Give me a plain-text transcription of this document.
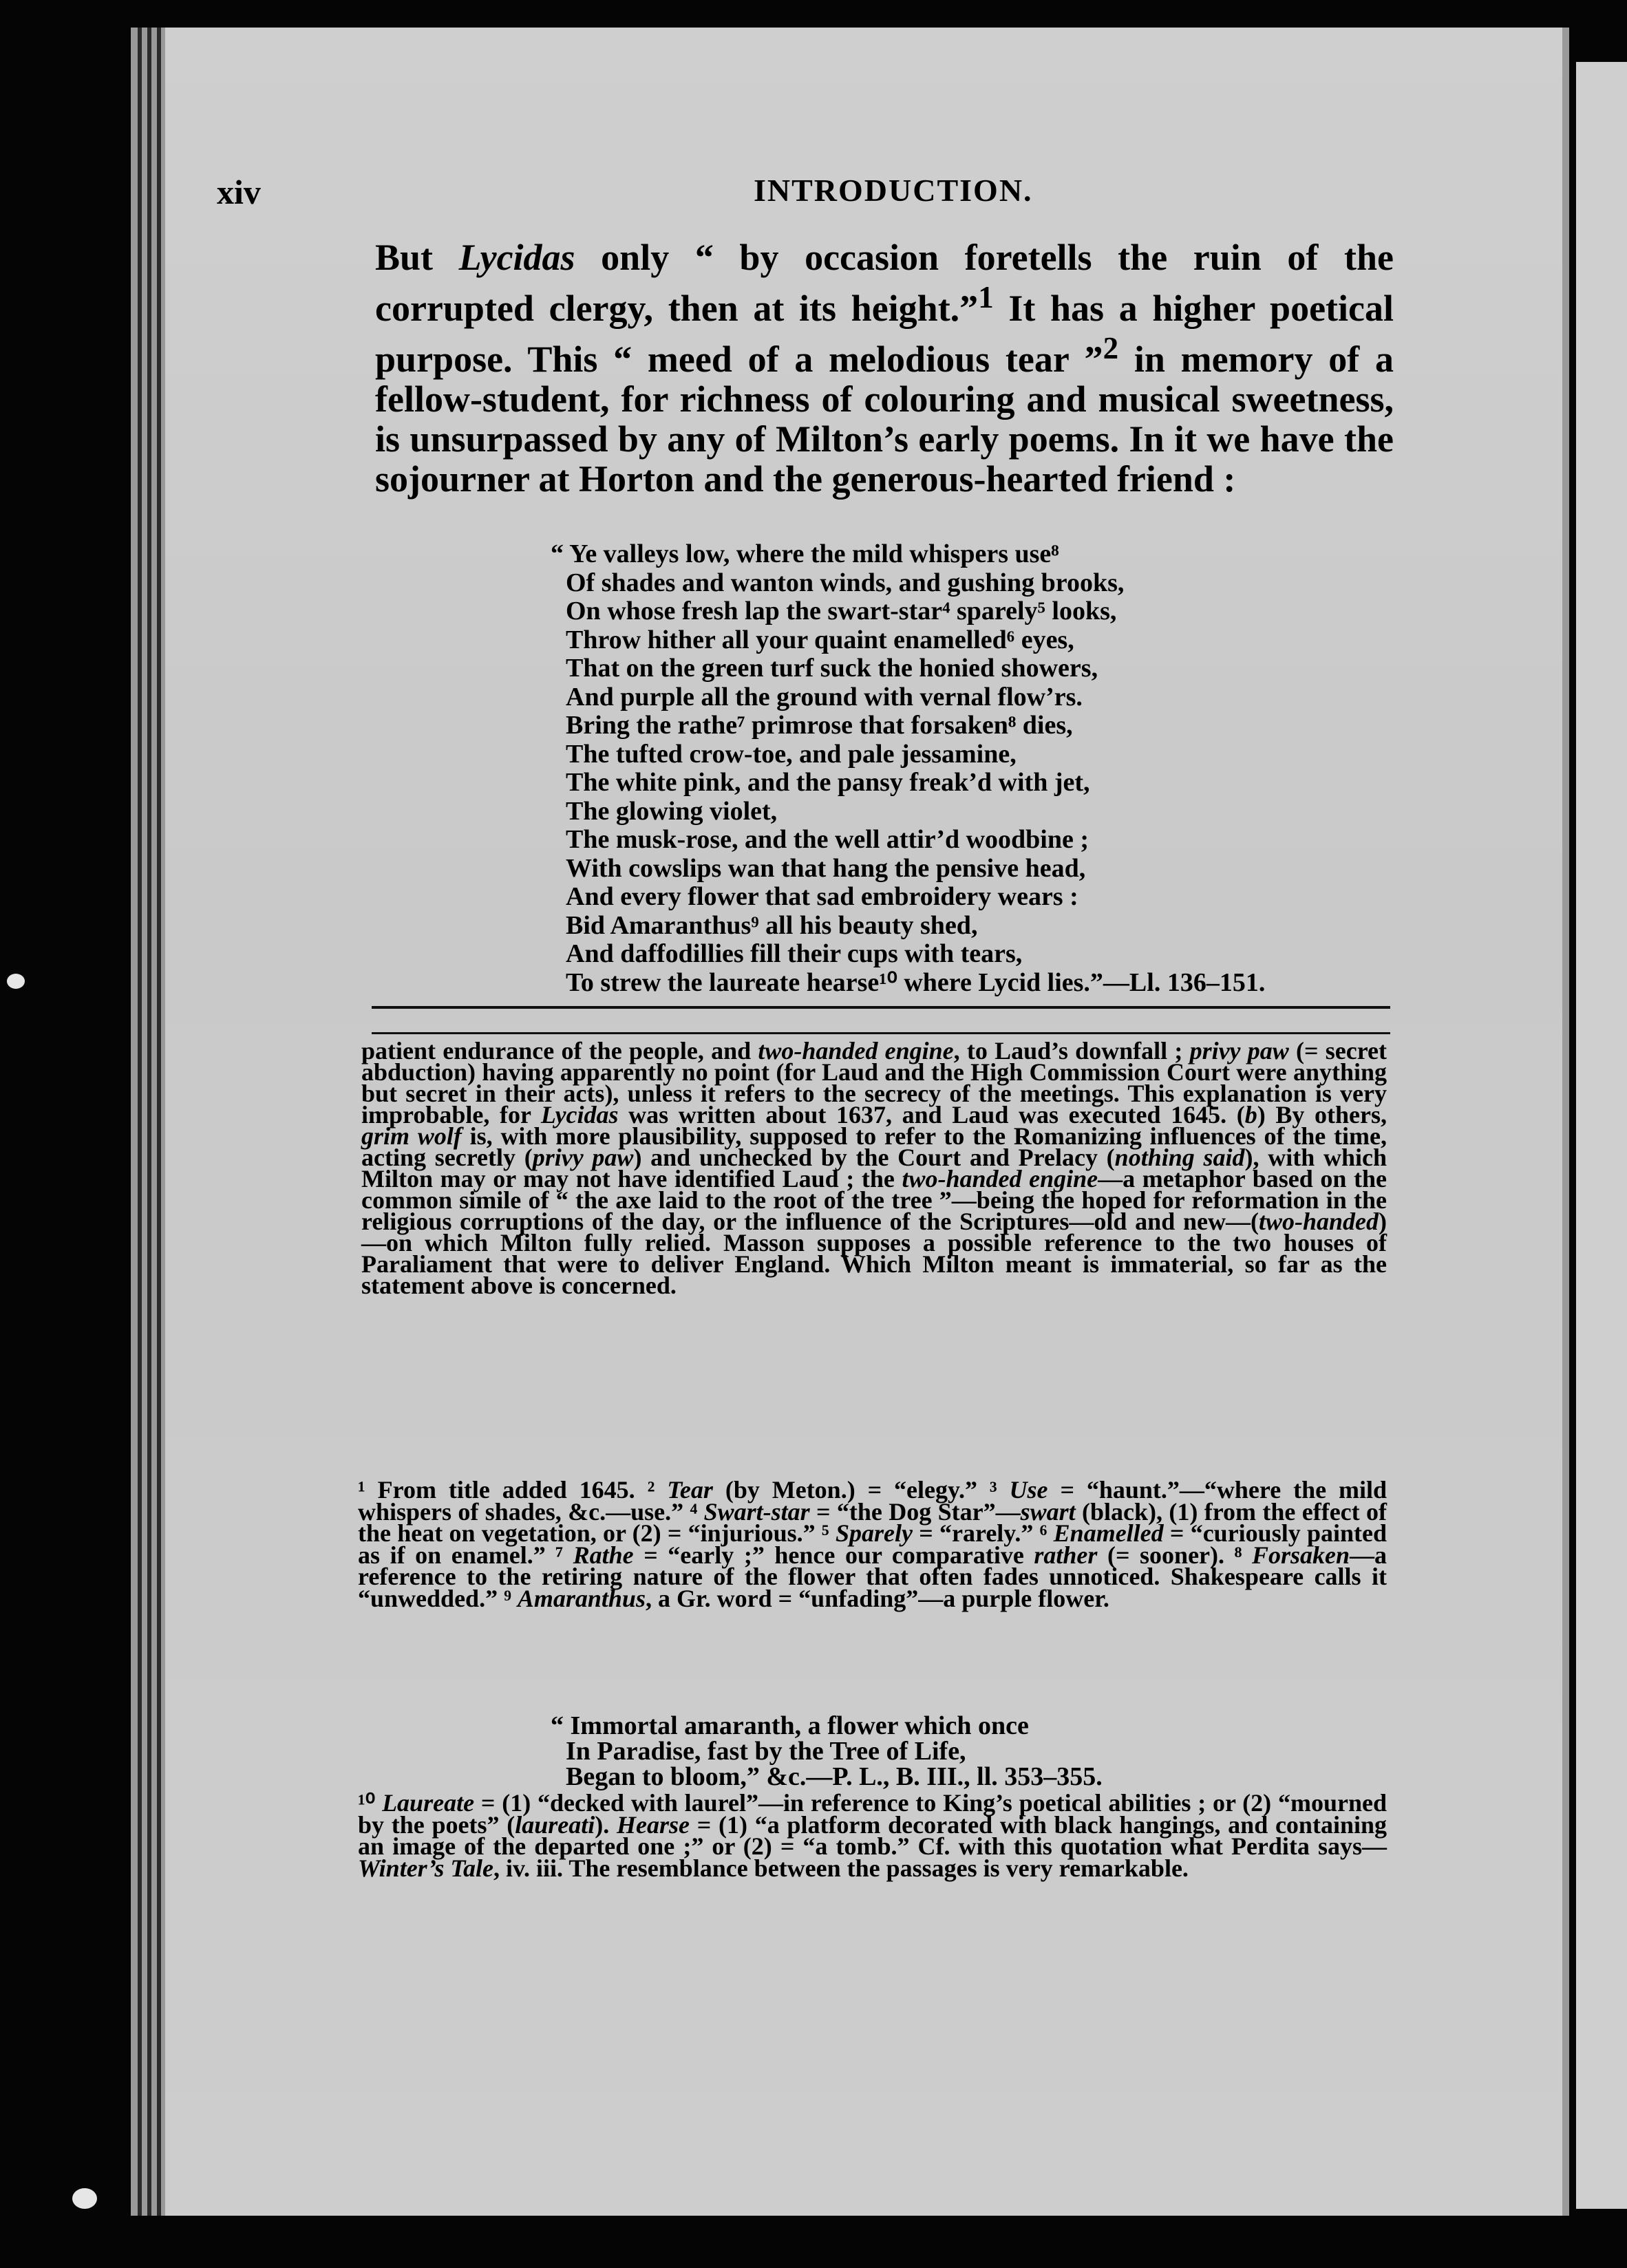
xiv	INTRODUCTION.

But Lycidas only “ by occasion foretells the ruin of the corrupted clergy, then at its height.”$^1$ It has a higher poetical purpose. This “ meed of a melodious tear ”$^2$ in memory of a fellow-student, for richness of colouring and musical sweetness, is unsurpassed by any of Milton’s early poems. In it we have the sojourner at Horton and the generous-hearted friend :

“ Ye valleys low, where the mild whispers use⁸
Of shades and wanton winds, and gushing brooks,
On whose fresh lap the swart-star⁴ sparely⁵ looks,
Throw hither all your quaint enamelled⁶ eyes,
That on the green turf suck the honied showers,
And purple all the ground with vernal flow’rs.
Bring the rathe⁷ primrose that forsaken⁸ dies,
The tufted crow-toe, and pale jessamine,
The white pink, and the pansy freak’d with jet,
The glowing violet,
The musk-rose, and the well attir’d woodbine ;
With cowslips wan that hang the pensive head,
And every flower that sad embroidery wears :
Bid Amaranthus⁹ all his beauty shed,
And daffodillies fill their cups with tears,
To strew the laureate hearse¹⁰ where Lycid lies.”—Ll. 136–151.

patient endurance of the people, and two-handed engine, to Laud’s downfall ; privy paw (= secret abduction) having apparently no point (for Laud and the High Commission Court were anything but secret in their acts), unless it refers to the secrecy of the meetings. This explanation is very improbable, for Lycidas was written about 1637, and Laud was executed 1645. (b) By others, grim wolf is, with more plausibility, supposed to refer to the Romanizing influences of the time, acting secretly (privy paw) and unchecked by the Court and Prelacy (nothing said), with which Milton may or may not have identified Laud ; the two-handed engine—a metaphor based on the common simile of “ the axe laid to the root of the tree ”—being the hoped for reformation in the religious corruptions of the day, or the influence of the Scriptures—old and new—(two-handed)—on which Milton fully relied. Masson supposes a possible reference to the two houses of Paraliament that were to deliver England. Which Milton meant is immaterial, so far as the statement above is concerned.

¹ From title added 1645. ² Tear (by Meton.) = “elegy.” ³ Use = “haunt.”—“where the mild whispers of shades, &c.—use.” ⁴ Swart-star = “the Dog Star”—swart (black), (1) from the effect of the heat on vegetation, or (2) = “injurious.” ⁵ Sparely = “rarely.” ⁶ Enamelled = “curiously painted as if on enamel.” ⁷ Rathe = “early ;” hence our comparative rather (= sooner). ⁸ Forsaken—a reference to the retiring nature of the flower that often fades unnoticed. Shakespeare calls it “unwedded.” ⁹ Amaranthus, a Gr. word = “unfading”—a purple flower.

“ Immortal amaranth, a flower which once
In Paradise, fast by the Tree of Life,
Began to bloom,” &c.—P. L., B. III., ll. 353–355.

¹⁰ Laureate = (1) “decked with laurel”—in reference to King’s poetical abilities ; or (2) “mourned by the poets” (laureati). Hearse = (1) “a platform decorated with black hangings, and containing an image of the departed one ;” or (2) = “a tomb.” Cf. with this quotation what Perdita says—Winter’s Tale, iv. iii. The resemblance between the passages is very remarkable.
